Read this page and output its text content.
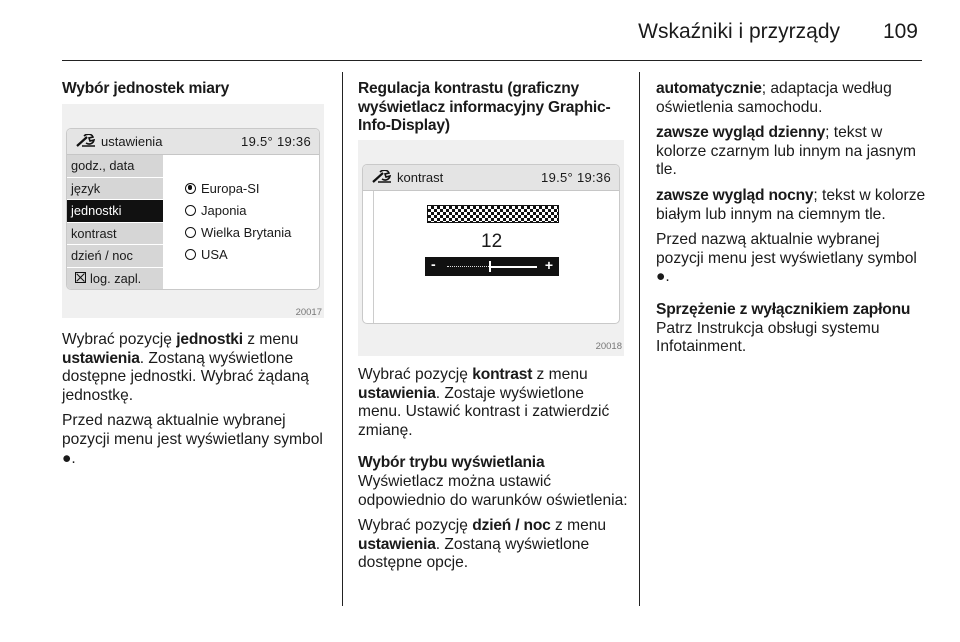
Wskaźniki i przyrządy 109
Wybór jednostek miary
ustawienia	19.5° 19:36
godz., data
język
jednostki
kontrast
dzień / noc
log. zapl.
Europa-SI
Japonia
Wielka Brytania
USA
20017

Wybrać pozycję jednostki z menu ustawienia. Zostaną wyświetlone dostępne jednostki. Wybrać żądaną jednostkę.

Przed nazwą aktualnie wybranej pozycji menu jest wyświetlany symbol ●.

Regulacja kontrastu (graficzny wyświetlacz informacyjny Graphic-Info-Display)
kontrast	19.5° 19:36
12
-	+
20018

Wybrać pozycję kontrast z menu ustawienia. Zostaje wyświetlone menu. Ustawić kontrast i zatwierdzić zmianę.

Wybór trybu wyświetlania

Wyświetlacz można ustawić odpowiednio do warunków oświetlenia:

Wybrać pozycję dzień / noc z menu ustawienia. Zostaną wyświetlone dostępne opcje.

automatycznie; adaptacja według oświetlenia samochodu.

zawsze wygląd dzienny; tekst w kolorze czarnym lub innym na jasnym tle.

zawsze wygląd nocny; tekst w kolorze białym lub innym na ciemnym tle.

Przed nazwą aktualnie wybranej pozycji menu jest wyświetlany symbol ●.

Sprzężenie z wyłącznikiem zapłonu

Patrz Instrukcja obsługi systemu Infotainment.
